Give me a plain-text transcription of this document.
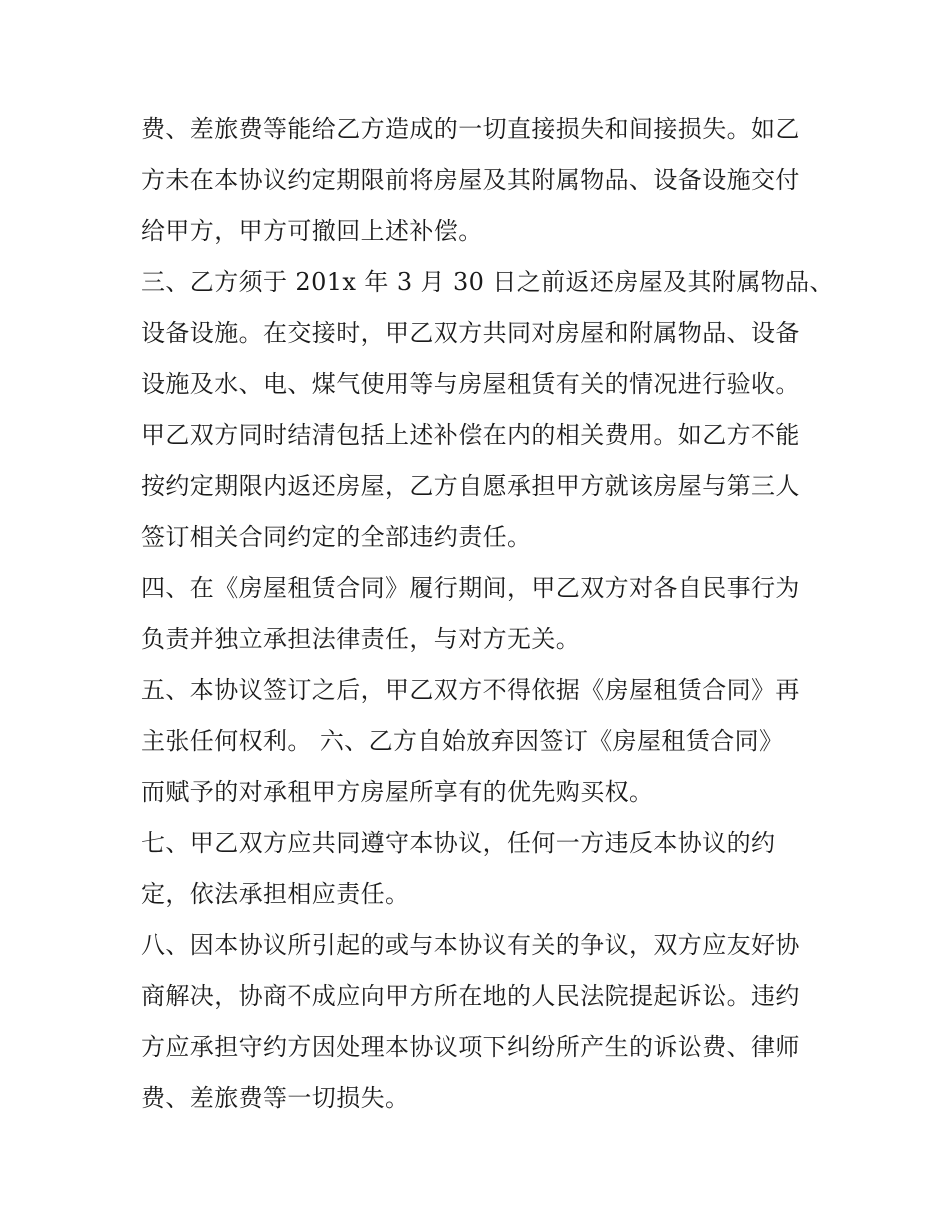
费、差旅费等能给乙方造成的一切直接损失和间接损失。如乙
方未在本协议约定期限前将房屋及其附属物品、设备设施交付
给甲方，甲方可撤回上述补偿。
三、乙方须于 201x 年 3 月 30 日之前返还房屋及其附属物品、
设备设施。在交接时，甲乙双方共同对房屋和附属物品、设备
设施及水、电、煤气使用等与房屋租赁有关的情况进行验收。
甲乙双方同时结清包括上述补偿在内的相关费用。如乙方不能
按约定期限内返还房屋，乙方自愿承担甲方就该房屋与第三人
签订相关合同约定的全部违约责任。
四、在《房屋租赁合同》履行期间，甲乙双方对各自民事行为
负责并独立承担法律责任，与对方无关。
五、本协议签订之后，甲乙双方不得依据《房屋租赁合同》再
主张任何权利。 六、乙方自始放弃因签订《房屋租赁合同》
而赋予的对承租甲方房屋所享有的优先购买权。
七、甲乙双方应共同遵守本协议，任何一方违反本协议的约
定，依法承担相应责任。
八、因本协议所引起的或与本协议有关的争议，双方应友好协
商解决，协商不成应向甲方所在地的人民法院提起诉讼。违约
方应承担守约方因处理本协议项下纠纷所产生的诉讼费、律师
费、差旅费等一切损失。
